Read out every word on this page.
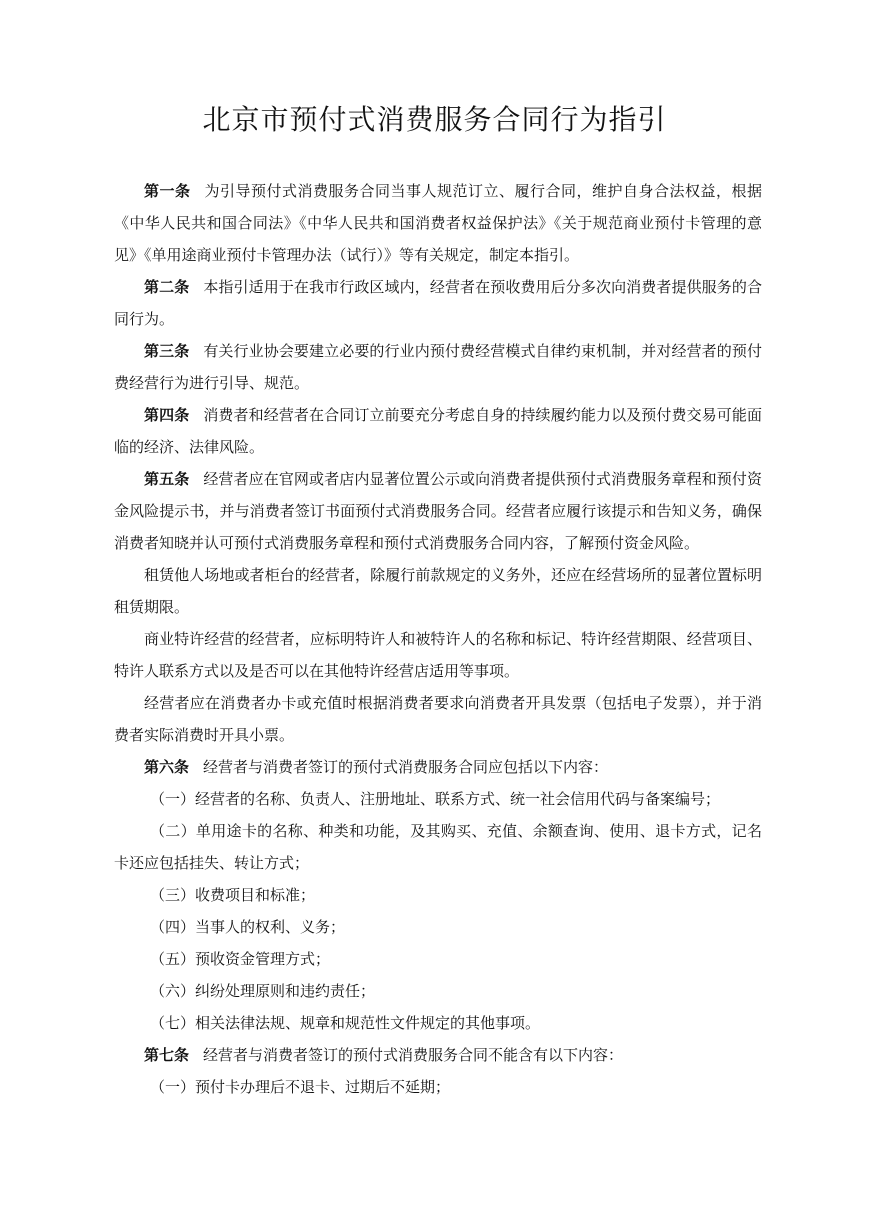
北京市预付式消费服务合同行为指引

第一条 为引导预付式消费服务合同当事人规范订立、履行合同，维护自身合法权益，根据《中华人民共和国合同法》《中华人民共和国消费者权益保护法》《关于规范商业预付卡管理的意见》《单用途商业预付卡管理办法（试行）》等有关规定，制定本指引。

第二条 本指引适用于在我市行政区域内，经营者在预收费用后分多次向消费者提供服务的合同行为。

第三条 有关行业协会要建立必要的行业内预付费经营模式自律约束机制，并对经营者的预付费经营行为进行引导、规范。

第四条 消费者和经营者在合同订立前要充分考虑自身的持续履约能力以及预付费交易可能面临的经济、法律风险。

第五条 经营者应在官网或者店内显著位置公示或向消费者提供预付式消费服务章程和预付资金风险提示书，并与消费者签订书面预付式消费服务合同。经营者应履行该提示和告知义务，确保消费者知晓并认可预付式消费服务章程和预付式消费服务合同内容，了解预付资金风险。

租赁他人场地或者柜台的经营者，除履行前款规定的义务外，还应在经营场所的显著位置标明租赁期限。

商业特许经营的经营者，应标明特许人和被特许人的名称和标记、特许经营期限、经营项目、特许人联系方式以及是否可以在其他特许经营店适用等事项。

经营者应在消费者办卡或充值时根据消费者要求向消费者开具发票（包括电子发票），并于消费者实际消费时开具小票。

第六条 经营者与消费者签订的预付式消费服务合同应包括以下内容：

（一）经营者的名称、负责人、注册地址、联系方式、统一社会信用代码与备案编号；

（二）单用途卡的名称、种类和功能，及其购买、充值、余额查询、使用、退卡方式，记名卡还应包括挂失、转让方式；

（三）收费项目和标准；

（四）当事人的权利、义务；

（五）预收资金管理方式；

（六）纠纷处理原则和违约责任；

（七）相关法律法规、规章和规范性文件规定的其他事项。

第七条 经营者与消费者签订的预付式消费服务合同不能含有以下内容：

（一）预付卡办理后不退卡、过期后不延期；
